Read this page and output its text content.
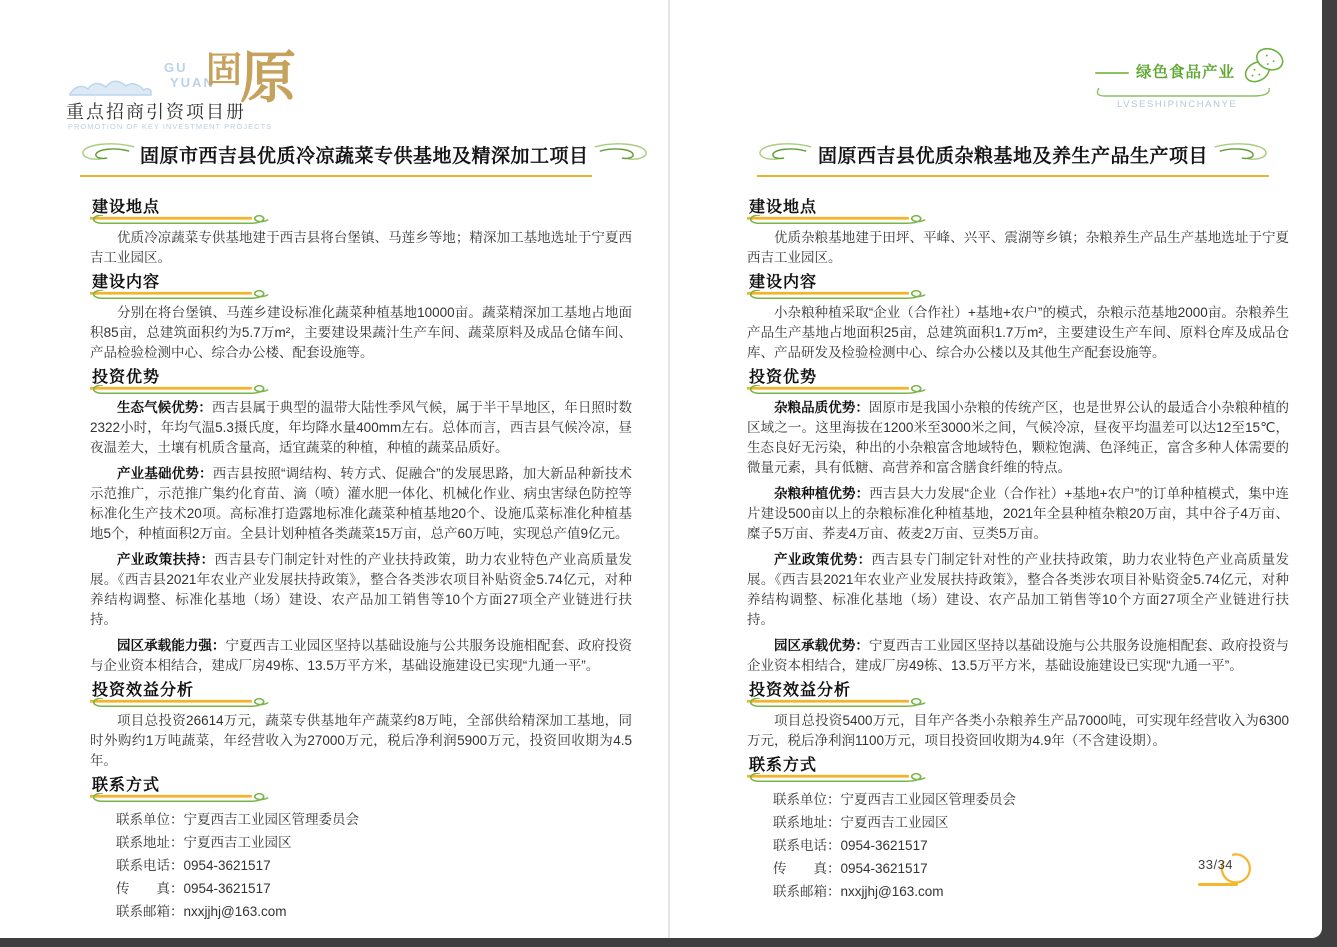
GU
YUAN
固
原
重点招商引资项目册
PROMOTION OF KEY INVESTMENT PROJECTS
绿色食品产业
LVSESHIPINCHANYE
固原市西吉县优质冷凉蔬菜专供基地及精深加工项目	固原西吉县优质杂粮基地及养生产品生产项目
建设地点

优质冷凉蔬菜专供基地建于西吉县将台堡镇、马莲乡等地；精深加工基地选址于宁夏西吉工业园区。

建设内容

分别在将台堡镇、马莲乡建设标准化蔬菜种植基地10000亩。蔬菜精深加工基地占地面积85亩，总建筑面积约为5.7万m²，主要建设果蔬汁生产车间、蔬菜原料及成品仓储车间、产品检验检测中心、综合办公楼、配套设施等。

投资优势

生态气候优势：西吉县属于典型的温带大陆性季风气候，属于半干旱地区，年日照时数2322小时，年均气温5.3摄氏度，年均降水量400mm左右。总体而言，西吉县气候冷凉，昼夜温差大，土壤有机质含量高，适宜蔬菜的种植，种植的蔬菜品质好。

产业基础优势：西吉县按照“调结构、转方式、促融合”的发展思路，加大新品种新技术示范推广，示范推广集约化育苗、滴（喷）灌水肥一体化、机械化作业、病虫害绿色防控等标准化生产技术20项。高标准打造露地标准化蔬菜种植基地20个、设施瓜菜标准化种植基地5个，种植面积2万亩。全县计划种植各类蔬菜15万亩，总产60万吨，实现总产值9亿元。

产业政策扶持：西吉县专门制定针对性的产业扶持政策，助力农业特色产业高质量发展。《西吉县2021年农业产业发展扶持政策》，整合各类涉农项目补贴资金5.74亿元，对种养结构调整、标准化基地（场）建设、农产品加工销售等10个方面27项全产业链进行扶持。

园区承载能力强：宁夏西吉工业园区坚持以基础设施与公共服务设施相配套、政府投资与企业资本相结合，建成厂房49栋、13.5万平方米，基础设施建设已实现“九通一平”。

投资效益分析

项目总投资26614万元，蔬菜专供基地年产蔬菜约8万吨，全部供给精深加工基地，同时外购约1万吨蔬菜，年经营收入为27000万元，税后净利润5900万元，投资回收期为4.5年。

联系方式
联系单位：宁夏西吉工业园区管理委员会
联系地址：宁夏西吉工业园区
联系电话：0954-3621517
传　　真：0954-3621517
联系邮箱：nxxjjhj@163.com
建设地点

优质杂粮基地建于田坪、平峰、兴平、震湖等乡镇；杂粮养生产品生产基地选址于宁夏西吉工业园区。

建设内容

小杂粮种植采取“企业（合作社）+基地+农户”的模式，杂粮示范基地2000亩。杂粮养生产品生产基地占地面积25亩，总建筑面积1.7万m²，主要建设生产车间、原料仓库及成品仓库、产品研发及检验检测中心、综合办公楼以及其他生产配套设施等。

投资优势

杂粮品质优势：固原市是我国小杂粮的传统产区，也是世界公认的最适合小杂粮种植的区域之一。这里海拔在1200米至3000米之间，气候冷凉，昼夜平均温差可以达12至15℃，生态良好无污染，种出的小杂粮富含地域特色，颗粒饱满、色泽纯正，富含多种人体需要的微量元素，具有低糖、高营养和富含膳食纤维的特点。

杂粮种植优势：西吉县大力发展“企业（合作社）+基地+农户”的订单种植模式，集中连片建设500亩以上的杂粮标准化种植基地，2021年全县种植杂粮20万亩，其中谷子4万亩、糜子5万亩、荞麦4万亩、莜麦2万亩、豆类5万亩。

产业政策优势：西吉县专门制定针对性的产业扶持政策，助力农业特色产业高质量发展。《西吉县2021年农业产业发展扶持政策》，整合各类涉农项目补贴资金5.74亿元，对种养结构调整、标准化基地（场）建设、农产品加工销售等10个方面27项全产业链进行扶持。

园区承载优势：宁夏西吉工业园区坚持以基础设施与公共服务设施相配套、政府投资与企业资本相结合，建成厂房49栋、13.5万平方米，基础设施建设已实现“九通一平”。

投资效益分析

项目总投资5400万元，目年产各类小杂粮养生产品7000吨，可实现年经营收入为6300万元，税后净利润1100万元，项目投资回收期为4.9年（不含建设期）。

联系方式
联系单位：宁夏西吉工业园区管理委员会
联系地址：宁夏西吉工业园区
联系电话：0954-3621517
传　　真：0954-3621517
联系邮箱：nxxjjhj@163.com
33/34
